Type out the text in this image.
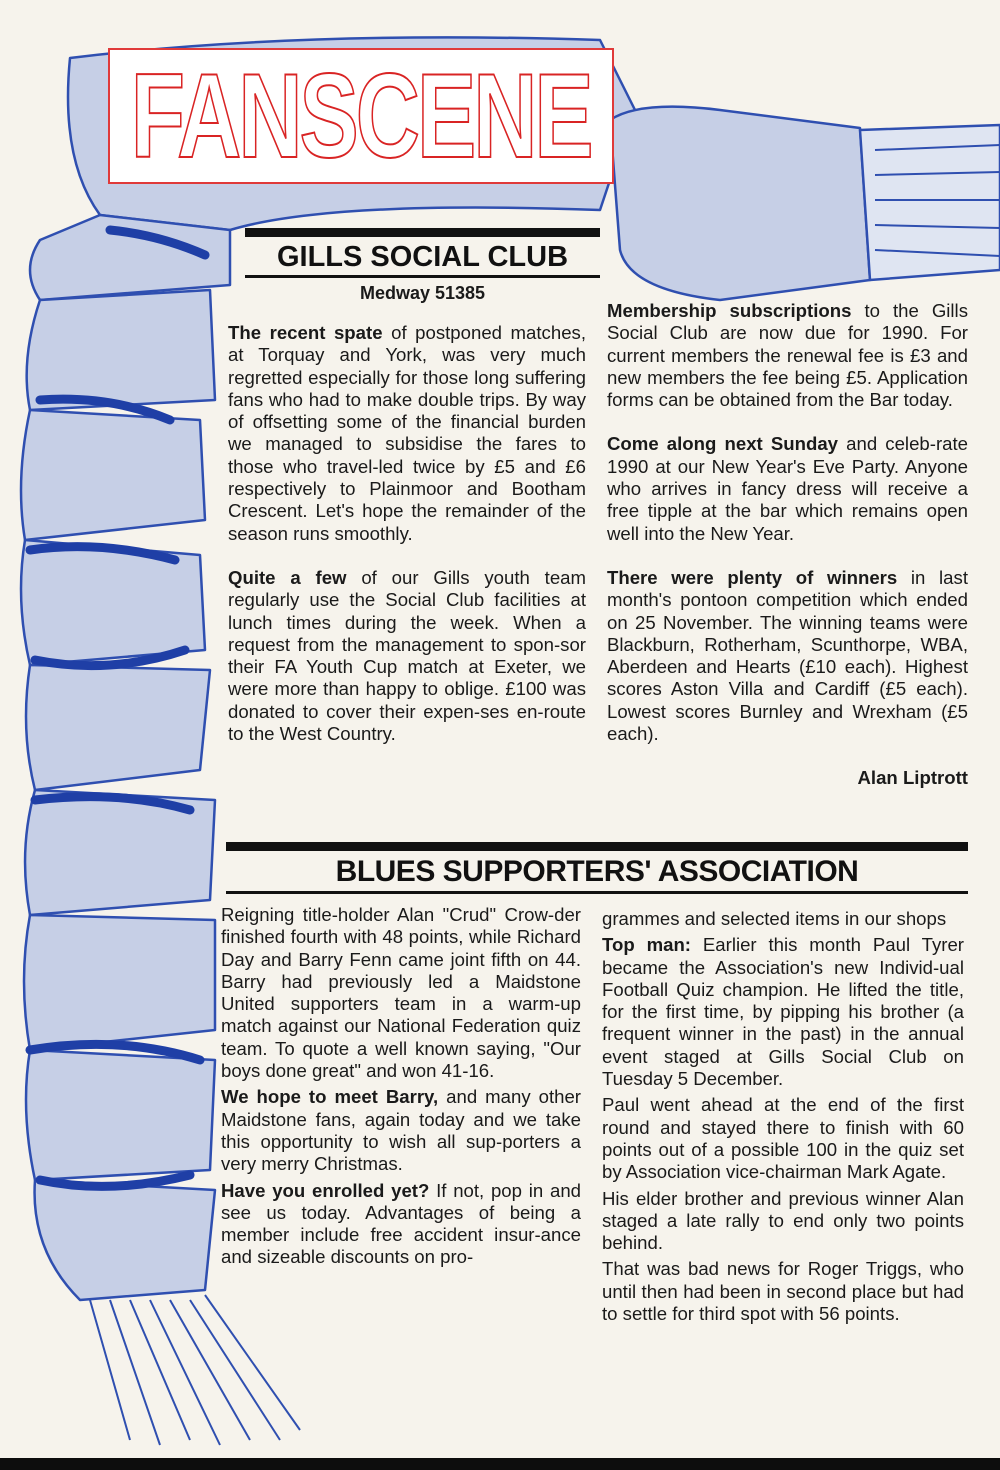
FANSCENE
GILLS SOCIAL CLUB
Medway 51385

The recent spate of postponed matches, at Torquay and York, was very much regretted especially for those long suffering fans who had to make double trips. By way of offsetting some of the financial burden we managed to subsidise the fares to those who travel-led twice by £5 and £6 respectively to Plainmoor and Bootham Crescent. Let's hope the remainder of the season runs smoothly.

Quite a few of our Gills youth team regularly use the Social Club facilities at lunch times during the week. When a request from the management to spon-sor their FA Youth Cup match at Exeter, we were more than happy to oblige. £100 was donated to cover their expen-ses en-route to the West Country.

Membership subscriptions to the Gills Social Club are now due for 1990. For current members the renewal fee is £3 and new members the fee being £5. Application forms can be obtained from the Bar today.

Come along next Sunday and celeb-rate 1990 at our New Year's Eve Party. Anyone who arrives in fancy dress will receive a free tipple at the bar which remains open well into the New Year.

There were plenty of winners in last month's pontoon competition which ended on 25 November. The winning teams were Blackburn, Rotherham, Scunthorpe, WBA, Aberdeen and Hearts (£10 each). Highest scores Aston Villa and Cardiff (£5 each). Lowest scores Burnley and Wrexham (£5 each).

Alan Liptrott
BLUES SUPPORTERS' ASSOCIATION

Reigning title-holder Alan "Crud" Crow-der finished fourth with 48 points, while Richard Day and Barry Fenn came joint fifth on 44. Barry had previously led a Maidstone United supporters team in a warm-up match against our National Federation quiz team. To quote a well known saying, "Our boys done great" and won 41-16.

We hope to meet Barry, and many other Maidstone fans, again today and we take this opportunity to wish all sup-porters a very merry Christmas.

Have you enrolled yet? If not, pop in and see us today. Advantages of being a member include free accident insur-ance and sizeable discounts on pro-

grammes and selected items in our shops

Top man: Earlier this month Paul Tyrer became the Association's new Individ-ual Football Quiz champion. He lifted the title, for the first time, by pipping his brother (a frequent winner in the past) in the annual event staged at Gills Social Club on Tuesday 5 December.

Paul went ahead at the end of the first round and stayed there to finish with 60 points out of a possible 100 in the quiz set by Association vice-chairman Mark Agate.

His elder brother and previous winner Alan staged a late rally to end only two points behind.

That was bad news for Roger Triggs, who until then had been in second place but had to settle for third spot with 56 points.
